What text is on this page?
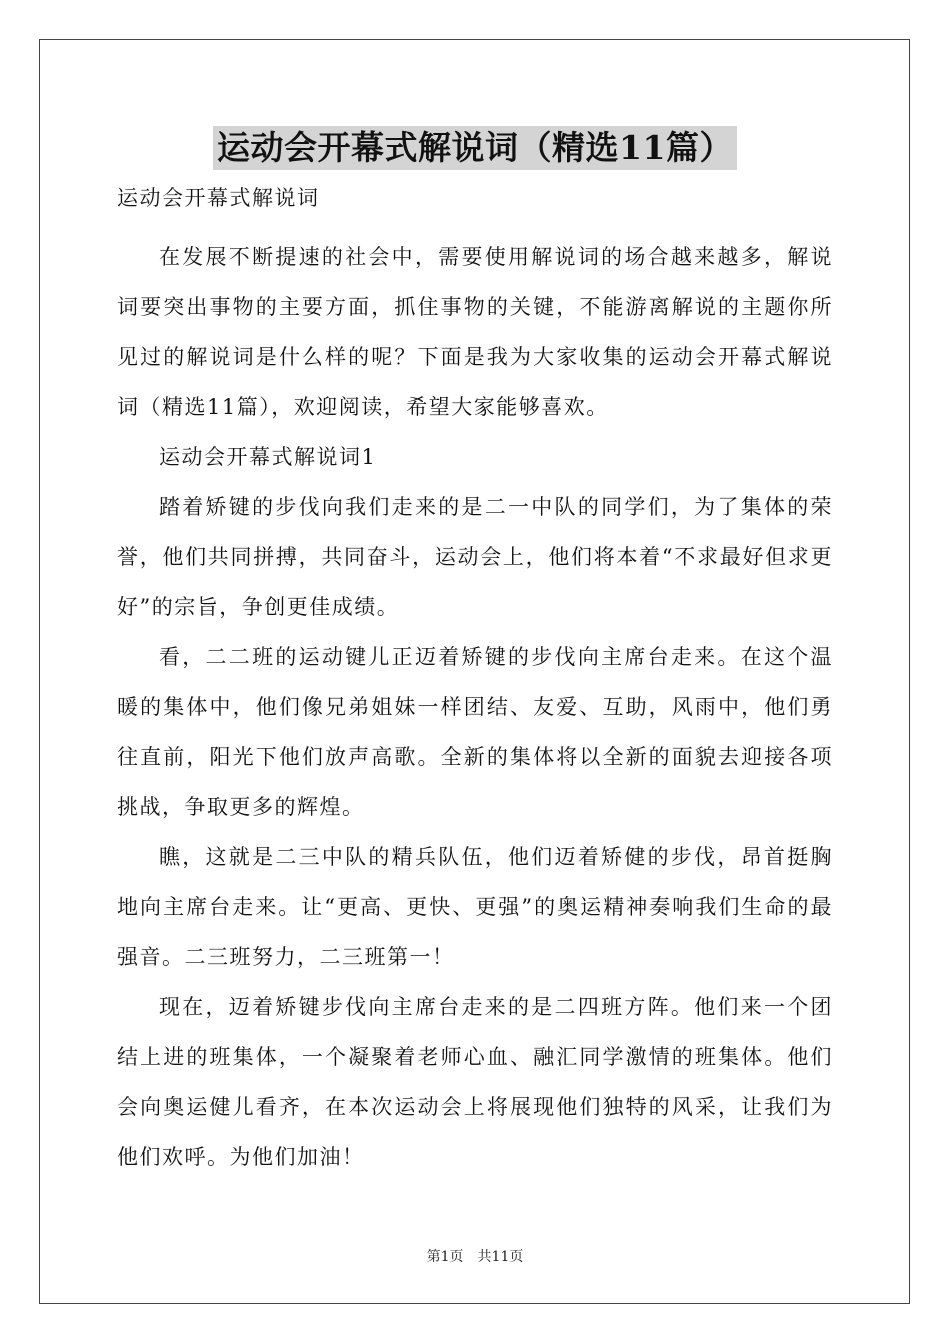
运动会开幕式解说词（精选11篇）
运动会开幕式解说词

在发展不断提速的社会中，需要使用解说词的场合越来越多，解说词要突出事物的主要方面，抓住事物的关键，不能游离解说的主题你所见过的解说词是什么样的呢？下面是我为大家收集的运动会开幕式解说词（精选11篇），欢迎阅读，希望大家能够喜欢。

运动会开幕式解说词1

踏着矫键的步伐向我们走来的是二一中队的同学们，为了集体的荣誉，他们共同拼搏，共同奋斗，运动会上，他们将本着“不求最好但求更好”的宗旨，争创更佳成绩。

看，二二班的运动键儿正迈着矫键的步伐向主席台走来。在这个温暖的集体中，他们像兄弟姐妹一样团结、友爱、互助，风雨中，他们勇往直前，阳光下他们放声高歌。全新的集体将以全新的面貌去迎接各项挑战，争取更多的辉煌。

瞧，这就是二三中队的精兵队伍，他们迈着矫健的步伐，昂首挺胸地向主席台走来。让“更高、更快、更强”的奥运精神奏响我们生命的最强音。二三班努力，二三班第一！

现在，迈着矫键步伐向主席台走来的是二四班方阵。他们来一个团结上进的班集体，一个凝聚着老师心血、融汇同学激情的班集体。他们会向奥运健儿看齐，在本次运动会上将展现他们独特的风采，让我们为他们欢呼。为他们加油！

第1页 共11页
